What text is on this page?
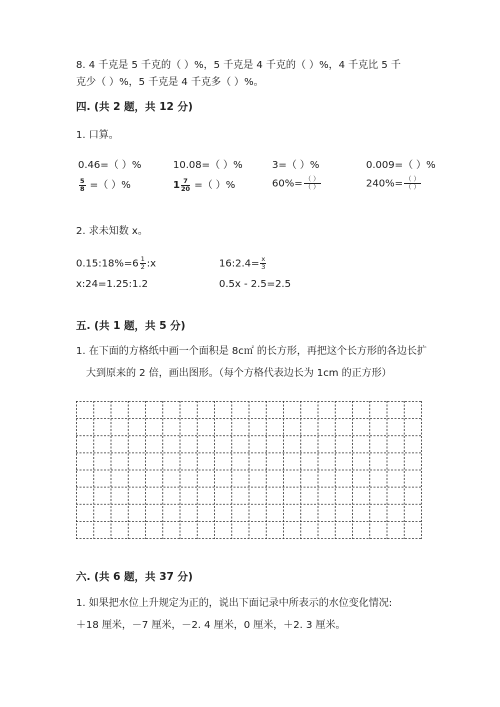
8. 4 千克是 5 千克的（ ）%，5 千克是 4 千克的（ ）%，4 千克比 5 千
克少（ ）%，5 千克是 4 千克多（ ）%。
四. (共 2 题，共 12 分)
1. 口算。
0.46=（ ）%	10.08=（ ）%	3=（ ）%	0.009=（ ）%
$\frac{5}{8}$ =（ ）%	$1 \frac{7}{20}$ =（ ）%	$60\%= \frac{( )}{( )}$	$240\%= \frac{( )}{( )}$
2. 求未知数 x。
0.15:18%=6 $\frac{1}{2}$ :x	16:2.4= $\frac{x}{3}$
x:24=1.25:1.2	0.5x - 2.5=2.5
五. (共 1 题，共 5 分)
1. 在下面的方格纸中画一个面积是 8c㎡ 的长方形，再把这个长方形的各边长扩
大到原来的 2 倍，画出图形。（每个方格代表边长为 1cm 的正方形）
六. (共 6 题，共 37 分)
1. 如果把水位上升规定为正的，说出下面记录中所表示的水位变化情况:
＋18 厘米，－7 厘米，－2. 4 厘米，0 厘米，＋2. 3 厘米。
